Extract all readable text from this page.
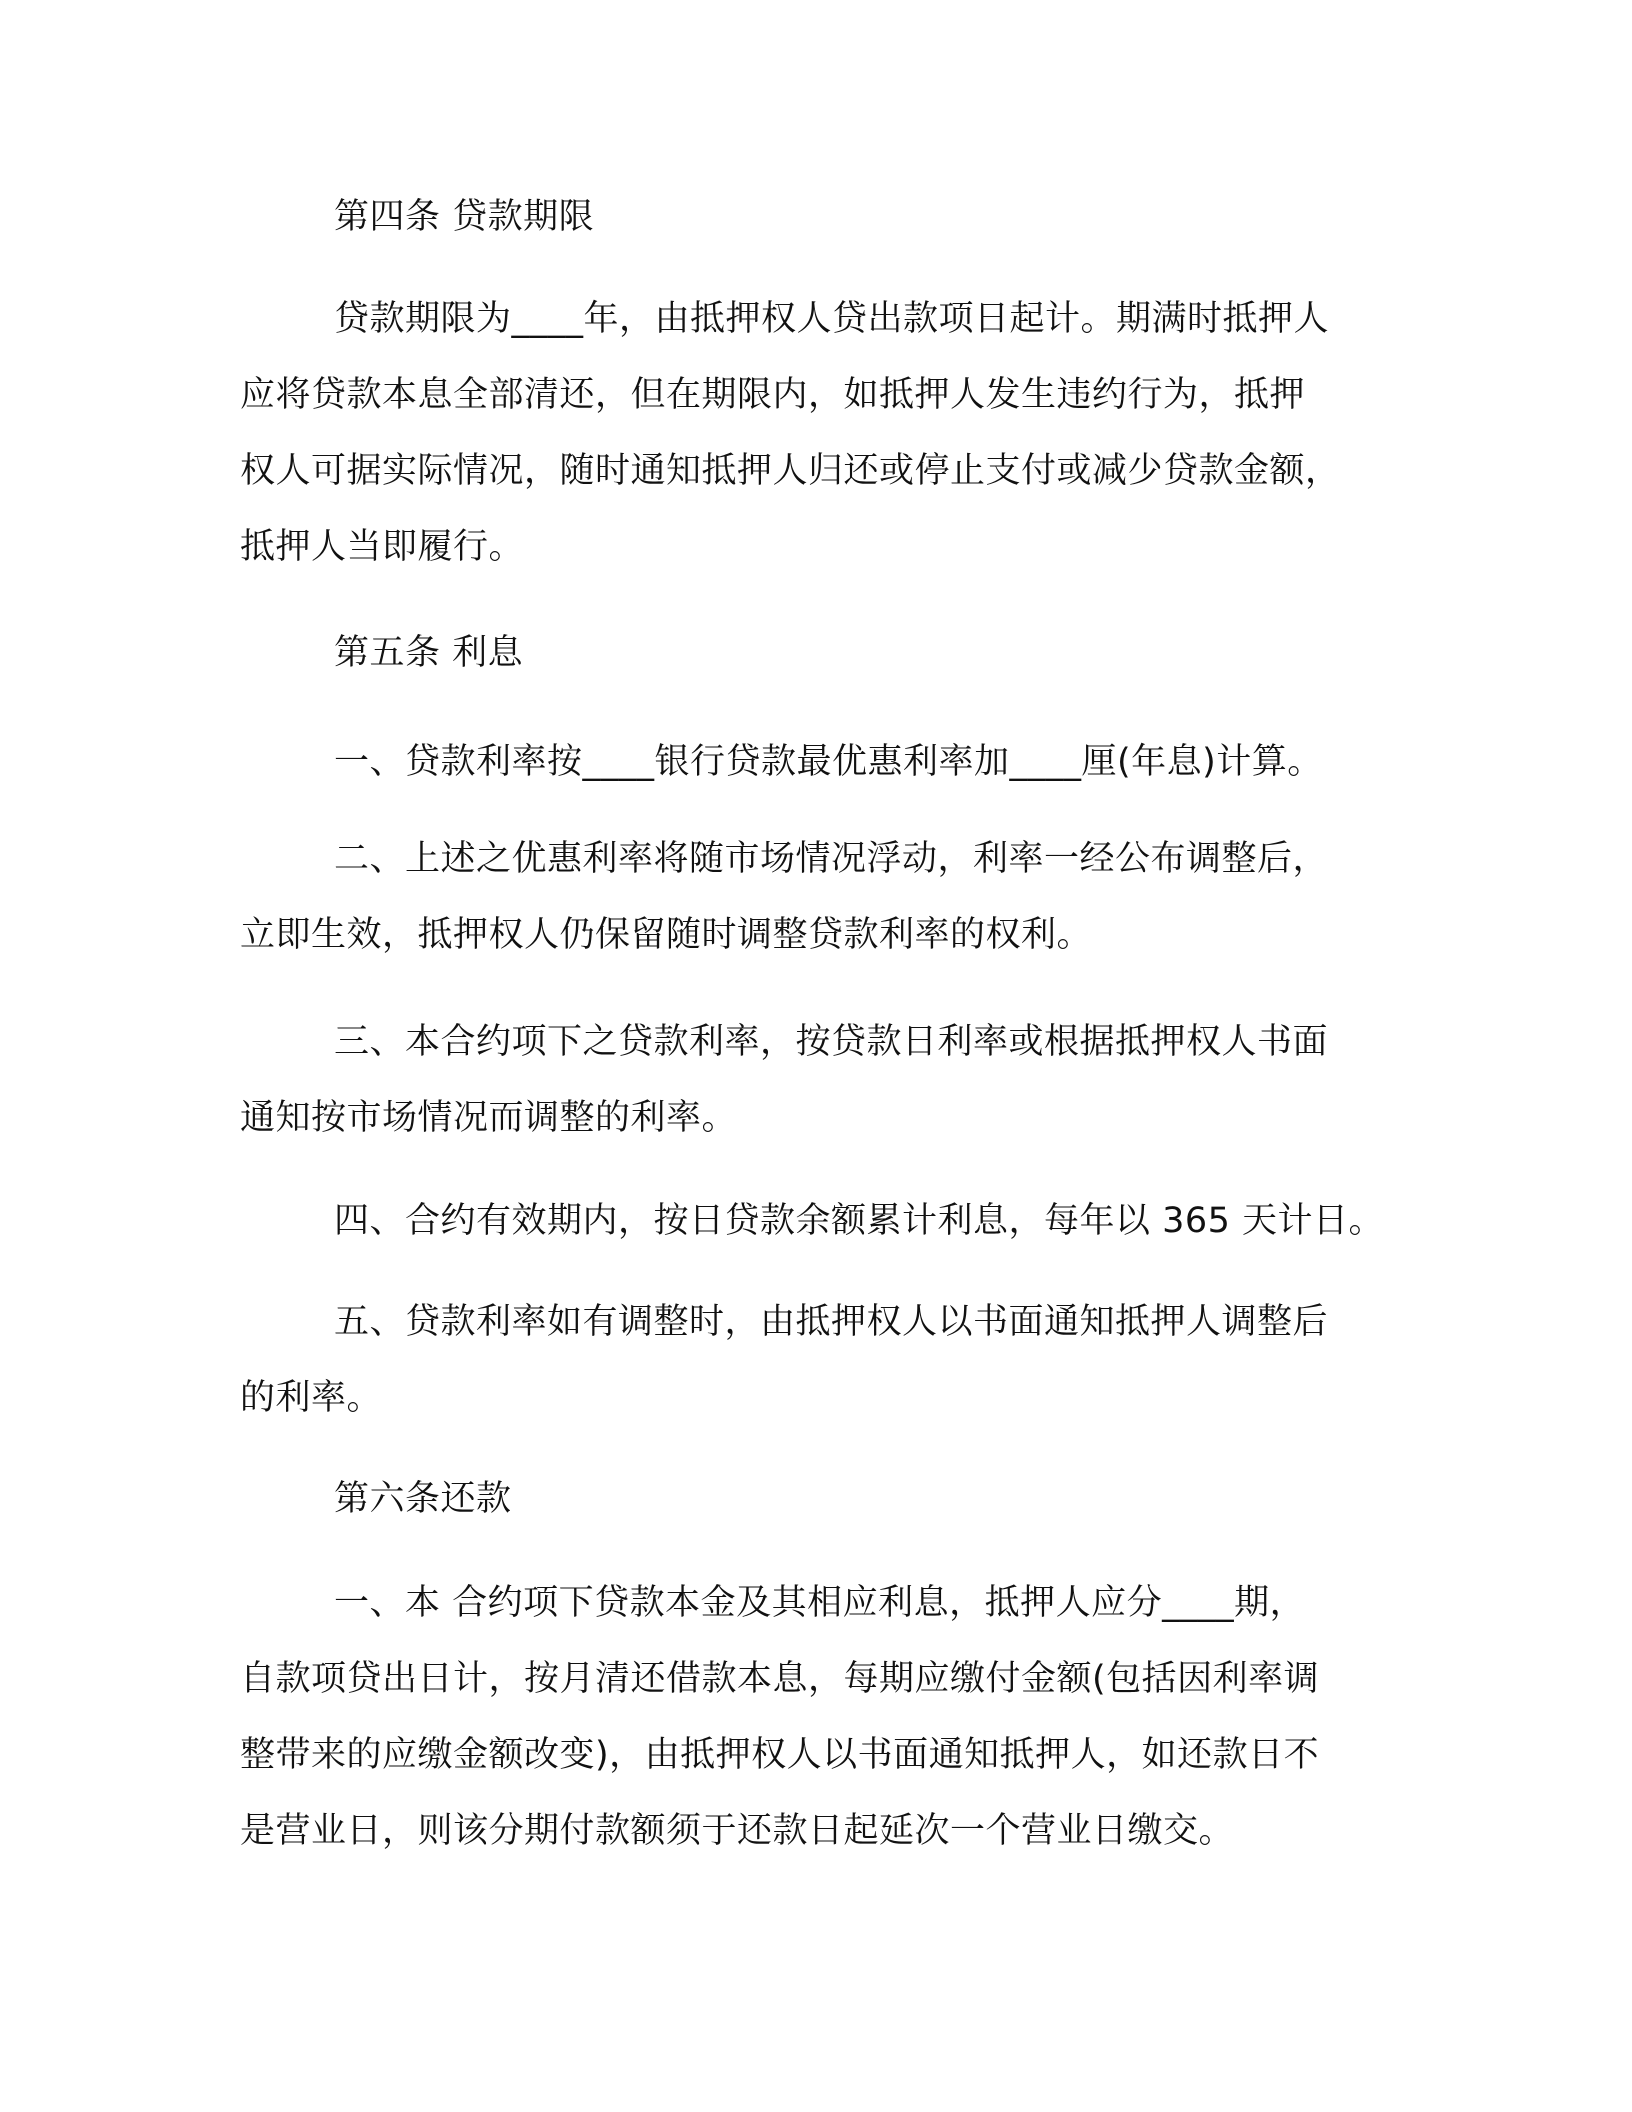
第四条 贷款期限
贷款期限为____年，由抵押权人贷出款项日起计。期满时抵押人
应将贷款本息全部清还，但在期限内，如抵押人发生违约行为，抵押
权人可据实际情况，随时通知抵押人归还或停止支付或减少贷款金额，
抵押人当即履行。
第五条 利息
一、贷款利率按____银行贷款最优惠利率加____厘(年息)计算。
二、上述之优惠利率将随市场情况浮动，利率一经公布调整后，
立即生效，抵押权人仍保留随时调整贷款利率的权利。
三、本合约项下之贷款利率，按贷款日利率或根据抵押权人书面
通知按市场情况而调整的利率。
四、合约有效期内，按日贷款余额累计利息，每年以 365 天计日。
五、贷款利率如有调整时，由抵押权人以书面通知抵押人调整后
的利率。
第六条还款
一、本 合约项下贷款本金及其相应利息，抵押人应分____期，
自款项贷出日计，按月清还借款本息，每期应缴付金额(包括因利率调
整带来的应缴金额改变)，由抵押权人以书面通知抵押人，如还款日不
是营业日，则该分期付款额须于还款日起延次一个营业日缴交。
